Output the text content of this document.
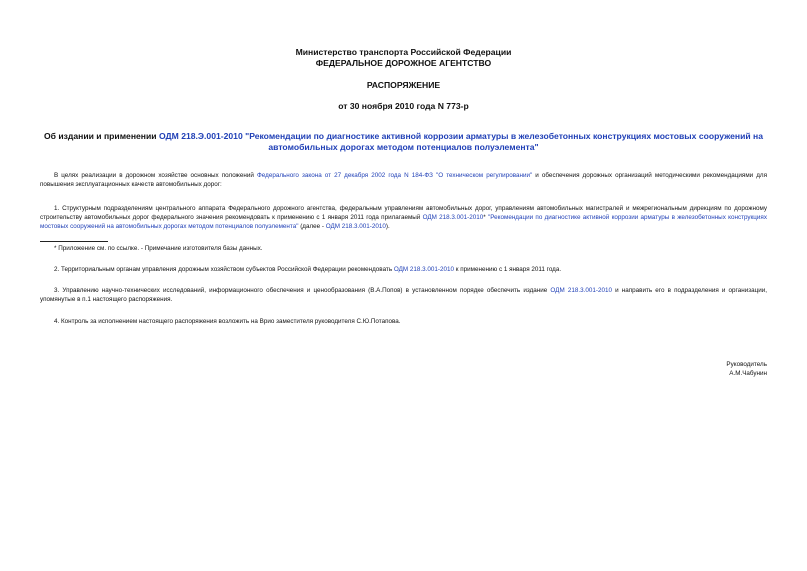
Министерство транспорта Российской Федерации
ФЕДЕРАЛЬНОЕ ДОРОЖНОЕ АГЕНТСТВО
РАСПОРЯЖЕНИЕ
от 30 ноября 2010 года N 773-р
Об издании и применении ОДМ 218.Э.001-2010 "Рекомендации по диагностике активной коррозии арматуры в железобетонных конструкциях мостовых сооружений на автомобильных дорогах методом потенциалов полуэлемента"
В целях реализации в дорожном хозяйстве основных положений Федерального закона от 27 декабря 2002 года N 184-ФЗ "О техническом регулировании" и обеспечения дорожных организаций методическими рекомендациями для повышения эксплуатационных качеств автомобильных дорог:
1. Структурным подразделениям центрального аппарата Федерального дорожного агентства, федеральным управлениям автомобильных дорог, управлениям автомобильных магистралей и межрегиональным дирекциям по дорожному строительству автомобильных дорог федерального значения рекомендовать к применению с 1 января 2011 года прилагаемый ОДМ 218.3.001-2010* "Рекомендации по диагностике активной коррозии арматуры в железобетонных конструкциях мостовых сооружений на автомобильных дорогах методом потенциалов полуэлемента" (далее - ОДМ 218.3.001-2010).
* Приложение см. по ссылке. - Примечание изготовителя базы данных.
2. Территориальным органам управления дорожным хозяйством субъектов Российской Федерации рекомендовать ОДМ 218.3.001-2010 к применению с 1 января 2011 года.
3. Управлению научно-технических исследований, информационного обеспечения и ценообразования (В.А.Попов) в установленном порядке обеспечить издание ОДМ 218.3.001-2010 и направить его в подразделения и организации, упомянутые в п.1 настоящего распоряжения.
4. Контроль за исполнением настоящего распоряжения возложить на Врио заместителя руководителя С.Ю.Потапова.
Руководитель
А.М.Чабунин
